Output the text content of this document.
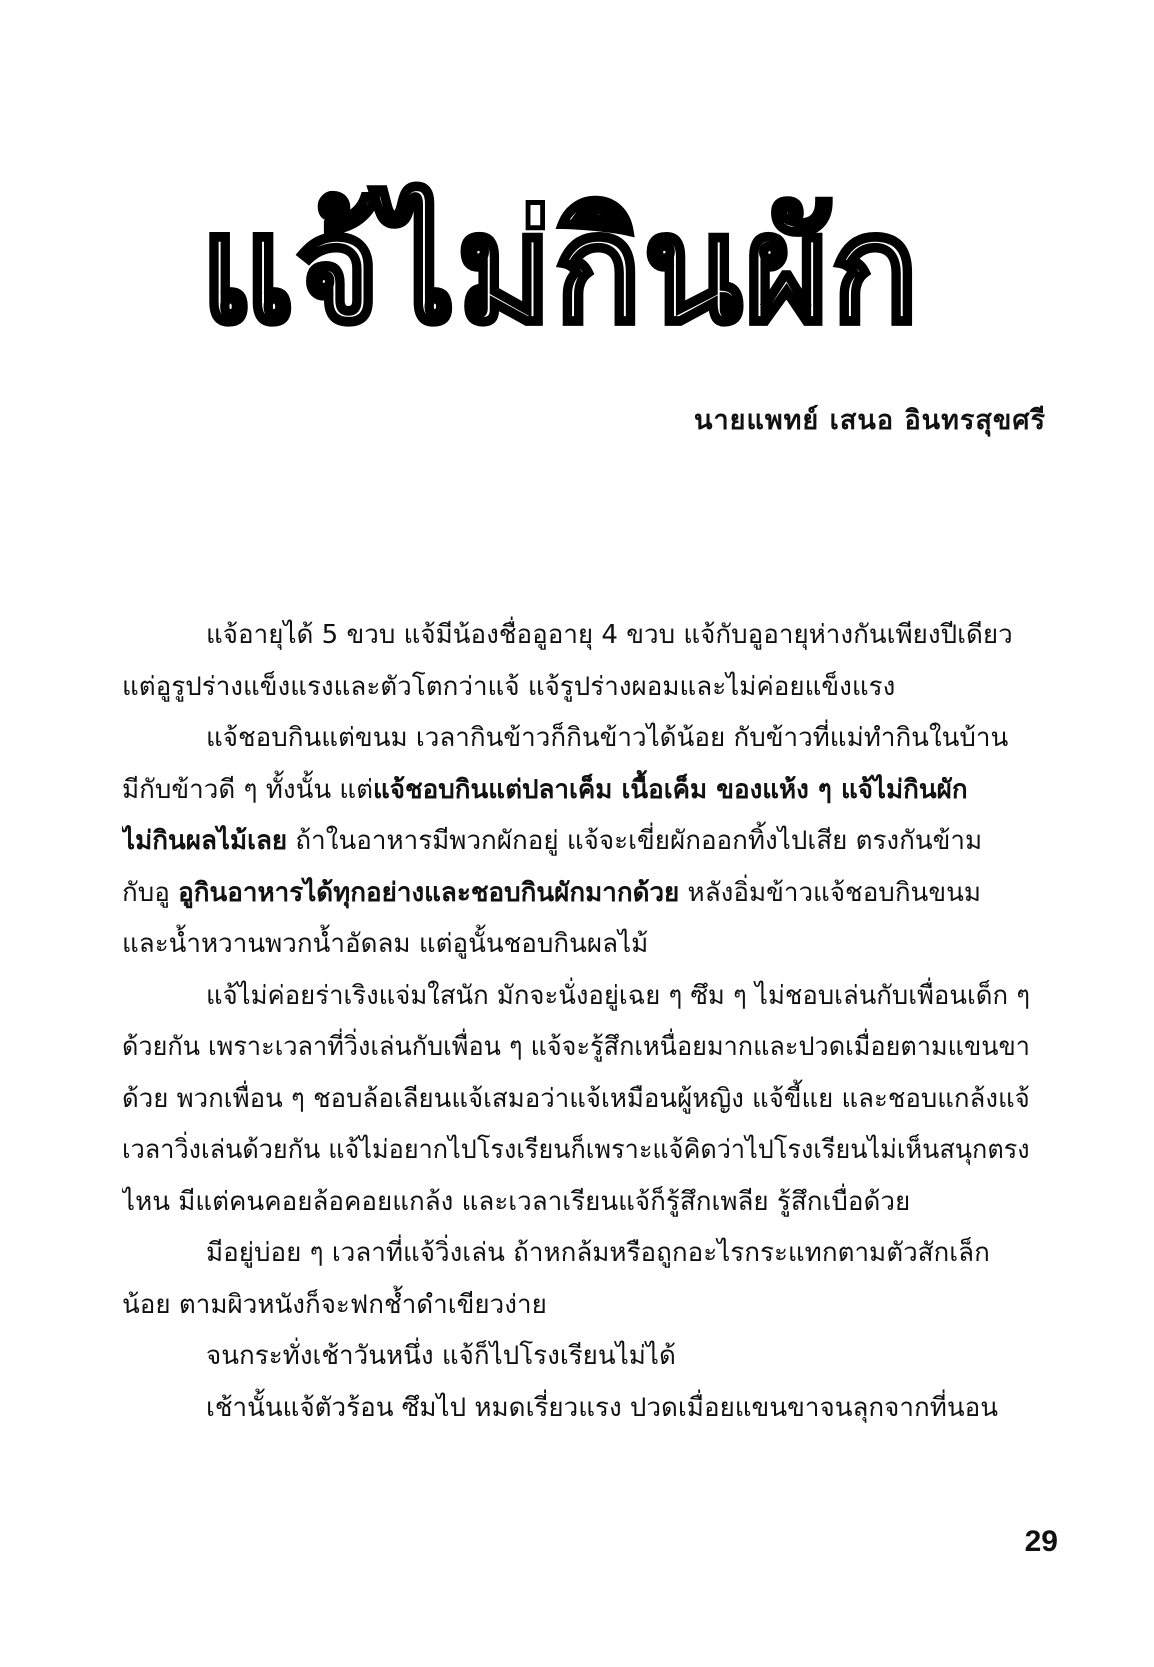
แจ้ไม่กินผัก
นายแพทย์ เสนอ อินทรสุขศรี
แจ้อายุได้ 5 ขวบ แจ้มีน้องชื่ออูอายุ 4 ขวบ แจ้กับอูอายุห่างกันเพียงปีเดียว
แต่อูรูปร่างแข็งแรงและตัวโตกว่าแจ้ แจ้รูปร่างผอมและไม่ค่อยแข็งแรง
แจ้ชอบกินแต่ขนม เวลากินข้าวก็กินข้าวได้น้อย กับข้าวที่แม่ทำกินในบ้าน
มีกับข้าวดี ๆ ทั้งนั้น แต่แจ้ชอบกินแต่ปลาเค็ม เนื้อเค็ม ของแห้ง ๆ แจ้ไม่กินผัก
ไม่กินผลไม้เลย ถ้าในอาหารมีพวกผักอยู่ แจ้จะเขี่ยผักออกทิ้งไปเสีย ตรงกันข้าม
กับอู อูกินอาหารได้ทุกอย่างและชอบกินผักมากด้วย หลังอิ่มข้าวแจ้ชอบกินขนม
และน้ำหวานพวกน้ำอัดลม แต่อูนั้นชอบกินผลไม้
แจ้ไม่ค่อยร่าเริงแจ่มใสนัก มักจะนั่งอยู่เฉย ๆ ซึม ๆ ไม่ชอบเล่นกับเพื่อนเด็ก ๆ
ด้วยกัน เพราะเวลาที่วิ่งเล่นกับเพื่อน ๆ แจ้จะรู้สึกเหนื่อยมากและปวดเมื่อยตามแขนขา
ด้วย พวกเพื่อน ๆ ชอบล้อเลียนแจ้เสมอว่าแจ้เหมือนผู้หญิง แจ้ขี้แย และชอบแกล้งแจ้
เวลาวิ่งเล่นด้วยกัน แจ้ไม่อยากไปโรงเรียนก็เพราะแจ้คิดว่าไปโรงเรียนไม่เห็นสนุกตรง
ไหน มีแต่คนคอยล้อคอยแกล้ง และเวลาเรียนแจ้ก็รู้สึกเพลีย รู้สึกเบื่อด้วย
มีอยู่บ่อย ๆ เวลาที่แจ้วิ่งเล่น ถ้าหกล้มหรือถูกอะไรกระแทกตามตัวสักเล็ก
น้อย ตามผิวหนังก็จะฟกช้ำดำเขียวง่าย
จนกระทั่งเช้าวันหนึ่ง แจ้ก็ไปโรงเรียนไม่ได้
เช้านั้นแจ้ตัวร้อน ซึมไป หมดเรี่ยวแรง ปวดเมื่อยแขนขาจนลุกจากที่นอน
29
